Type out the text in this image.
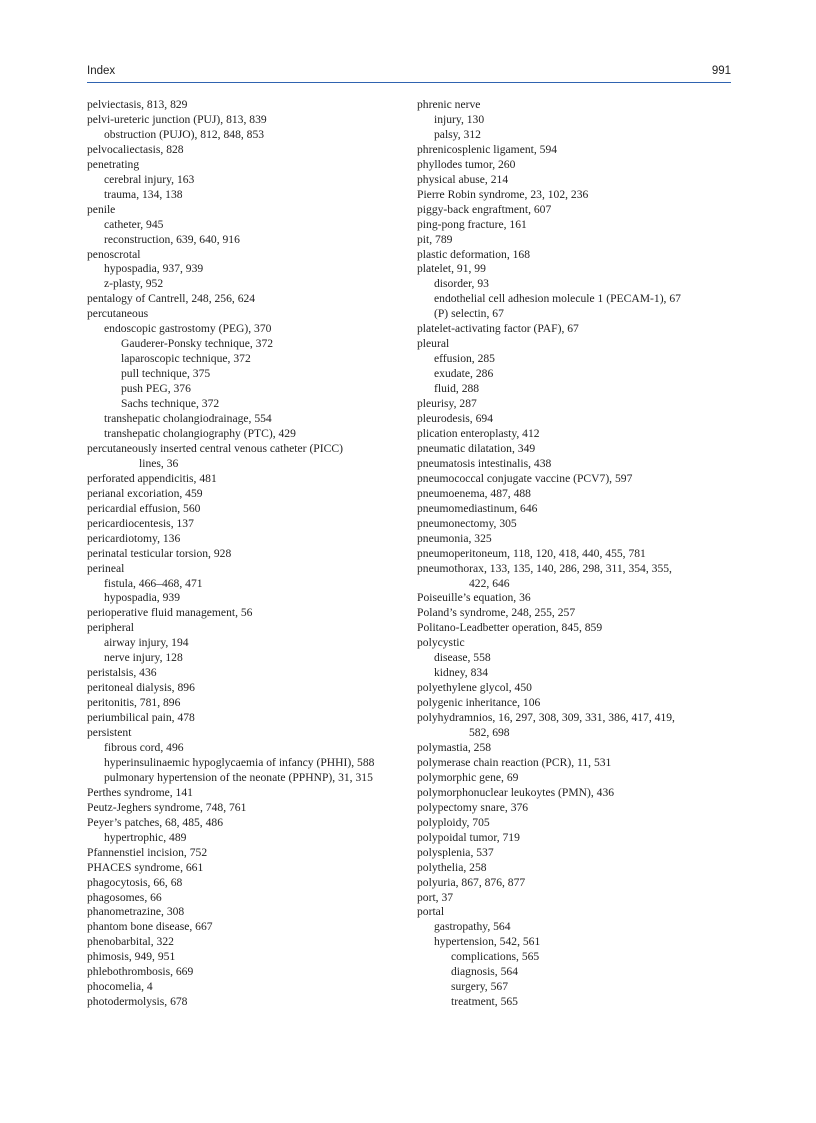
Index	991
pelviectasis, 813, 829
pelvi-ureteric junction (PUJ), 813, 839
obstruction (PUJO), 812, 848, 853
pelvocaliectasis, 828
penetrating
cerebral injury, 163
trauma, 134, 138
penile
catheter, 945
reconstruction, 639, 640, 916
penoscrotal
hypospadia, 937, 939
z-plasty, 952
pentalogy of Cantrell, 248, 256, 624
percutaneous
endoscopic gastrostomy (PEG), 370
Gauderer-Ponsky technique, 372
laparoscopic technique, 372
pull technique, 375
push PEG, 376
Sachs technique, 372
transhepatic cholangiodrainage, 554
transhepatic cholangiography (PTC), 429
percutaneously inserted central venous catheter (PICC)
lines, 36
perforated appendicitis, 481
perianal excoriation, 459
pericardial effusion, 560
pericardiocentesis, 137
pericardiotomy, 136
perinatal testicular torsion, 928
perineal
fistula, 466–468, 471
hypospadia, 939
perioperative fluid management, 56
peripheral
airway injury, 194
nerve injury, 128
peristalsis, 436
peritoneal dialysis, 896
peritonitis, 781, 896
periumbilical pain, 478
persistent
fibrous cord, 496
hyperinsulinaemic hypoglycaemia of infancy (PHHI), 588
pulmonary hypertension of the neonate (PPHNP), 31, 315
Perthes syndrome, 141
Peutz-Jeghers syndrome, 748, 761
Peyer’s patches, 68, 485, 486
hypertrophic, 489
Pfannenstiel incision, 752
PHACES syndrome, 661
phagocytosis, 66, 68
phagosomes, 66
phanometrazine, 308
phantom bone disease, 667
phenobarbital, 322
phimosis, 949, 951
phlebothrombosis, 669
phocomelia, 4
photodermolysis, 678
phrenic nerve
injury, 130
palsy, 312
phrenicosplenic ligament, 594
phyllodes tumor, 260
physical abuse, 214
Pierre Robin syndrome, 23, 102, 236
piggy-back engraftment, 607
ping-pong fracture, 161
pit, 789
plastic deformation, 168
platelet, 91, 99
disorder, 93
endothelial cell adhesion molecule 1 (PECAM-1), 67
(P) selectin, 67
platelet-activating factor (PAF), 67
pleural
effusion, 285
exudate, 286
fluid, 288
pleurisy, 287
pleurodesis, 694
plication enteroplasty, 412
pneumatic dilatation, 349
pneumatosis intestinalis, 438
pneumococcal conjugate vaccine (PCV7), 597
pneumoenema, 487, 488
pneumomediastinum, 646
pneumonectomy, 305
pneumonia, 325
pneumoperitoneum, 118, 120, 418, 440, 455, 781
pneumothorax, 133, 135, 140, 286, 298, 311, 354, 355,
422, 646
Poiseuille’s equation, 36
Poland’s syndrome, 248, 255, 257
Politano-Leadbetter operation, 845, 859
polycystic
disease, 558
kidney, 834
polyethylene glycol, 450
polygenic inheritance, 106
polyhydramnios, 16, 297, 308, 309, 331, 386, 417, 419,
582, 698
polymastia, 258
polymerase chain reaction (PCR), 11, 531
polymorphic gene, 69
polymorphonuclear leukoytes (PMN), 436
polypectomy snare, 376
polyploidy, 705
polypoidal tumor, 719
polysplenia, 537
polythelia, 258
polyuria, 867, 876, 877
port, 37
portal
gastropathy, 564
hypertension, 542, 561
complications, 565
diagnosis, 564
surgery, 567
treatment, 565
